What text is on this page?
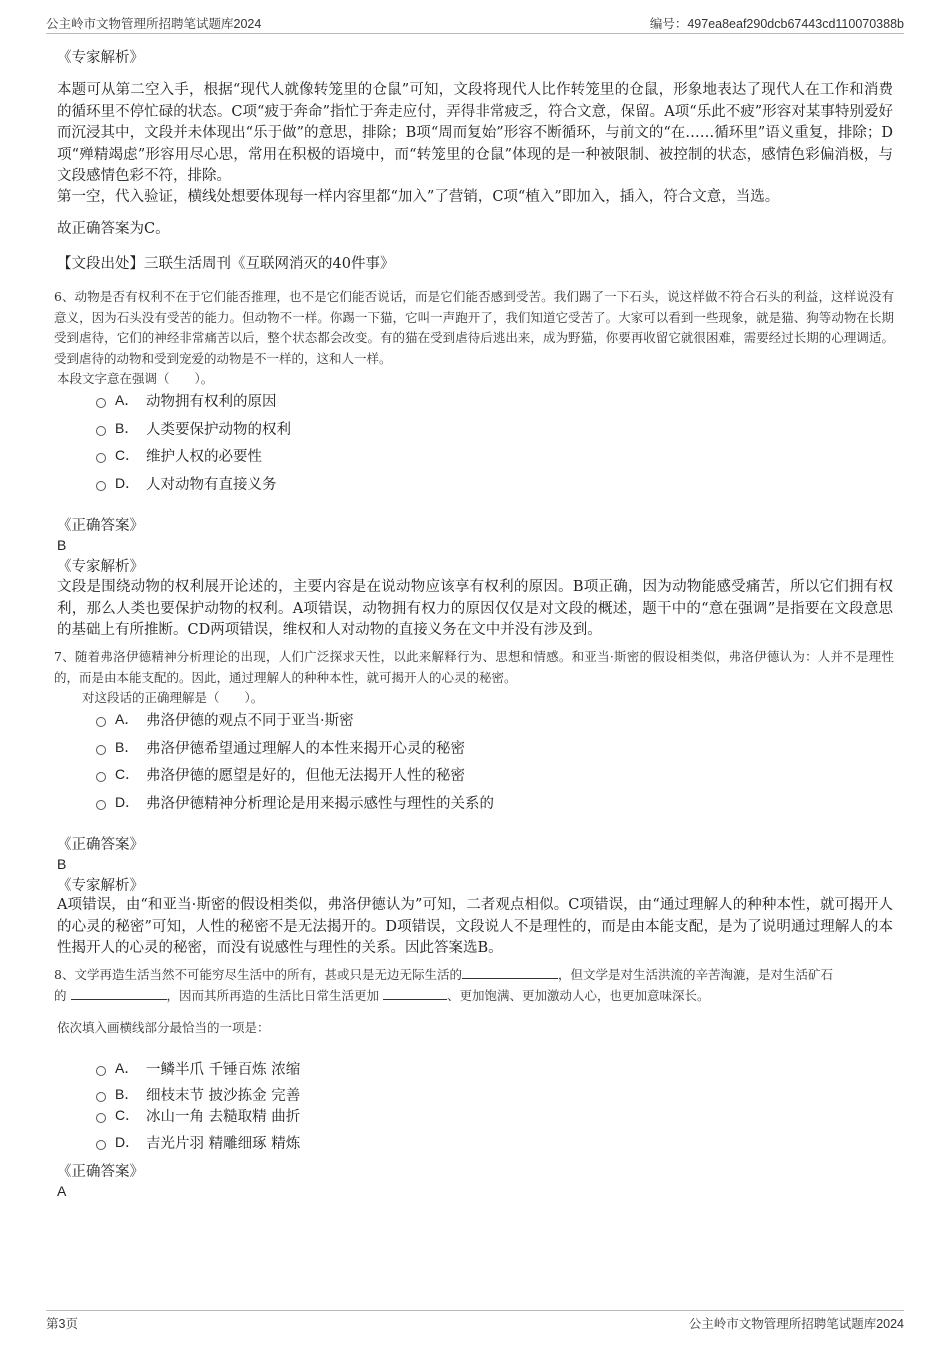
公主岭市文物管理所招聘笔试题库2024	编号：497ea8eaf290dcb67443cd110070388b
《专家解析》
本题可从第二空入手，根据“现代人就像转笼里的仓鼠”可知，文段将现代人比作转笼里的仓鼠，形象地表达了现代人在工作和消费的循环里不停忙碌的状态。C项“疲于奔命”指忙于奔走应付，弄得非常疲乏，符合文意，保留。A项“乐此不疲”形容对某事特别爱好而沉浸其中，文段并未体现出“乐于做”的意思，排除；B项“周而复始”形容不断循环，与前文的“在……循环里”语义重复，排除；D项“殚精竭虑”形容用尽心思，常用在积极的语境中，而“转笼里的仓鼠”体现的是一种被限制、被控制的状态，感情色彩偏消极，与文段感情色彩不符，排除。
第一空，代入验证，横线处想要体现每一样内容里都“加入”了营销，C项“植入”即加入，插入，符合文意，当选。
故正确答案为C。
【文段出处】三联生活周刊《互联网消灭的40件事》
6、动物是否有权利不在于它们能否推理，也不是它们能否说话，而是它们能否感到受苦。我们踢了一下石头，说这样做不符合石头的利益，这样说没有意义，因为石头没有受苦的能力。但动物不一样。你踢一下猫，它叫一声跑开了，我们知道它受苦了。大家可以看到一些现象，就是猫、狗等动物在长期受到虐待，它们的神经非常痛苦以后，整个状态都会改变。有的猫在受到虐待后逃出来，成为野猫，你要再收留它就很困难，需要经过长期的心理调适。受到虐待的动物和受到宠爱的动物是不一样的，这和人一样。
本段文字意在强调（　　）。
A． 动物拥有权利的原因
B． 人类要保护动物的权利
C． 维护人权的必要性
D． 人对动物有直接义务
《正确答案》
B
《专家解析》
文段是围绕动物的权利展开论述的，主要内容是在说动物应该享有权利的原因。B项正确，因为动物能感受痛苦，所以它们拥有权利，那么人类也要保护动物的权利。A项错误，动物拥有权力的原因仅仅是对文段的概述，题干中的“意在强调”是指要在文段意思的基础上有所推断。CD两项错误，维权和人对动物的直接义务在文中并没有涉及到。
7、随着弗洛伊德精神分析理论的出现，人们广泛探求天性，以此来解释行为、思想和情感。和亚当·斯密的假设相类似，弗洛伊德认为：人并不是理性的，而是由本能支配的。因此，通过理解人的种种本性，就可揭开人的心灵的秘密。
对这段话的正确理解是（　　）。
A． 弗洛伊德的观点不同于亚当·斯密
B． 弗洛伊德希望通过理解人的本性来揭开心灵的秘密
C． 弗洛伊德的愿望是好的，但他无法揭开人性的秘密
D． 弗洛伊德精神分析理论是用来揭示感性与理性的关系的
《正确答案》
B
《专家解析》
A项错误，由“和亚当·斯密的假设相类似，弗洛伊德认为”可知，二者观点相似。C项错误，由“通过理解人的种种本性，就可揭开人的心灵的秘密”可知，人性的秘密不是无法揭开的。D项错误，文段说人不是理性的，而是由本能支配，是为了说明通过理解人的本性揭开人的心灵的秘密，而没有说感性与理性的关系。因此答案选B。
8、文学再造生活当然不可能穷尽生活中的所有，甚或只是无边无际生活的	，但文学是对生活洪流的辛苦淘漉，是对生活矿石
的	，因而其所再造的生活比日常生活更加	、更加饱满、更加激动人心，也更加意味深长。
依次填入画横线部分最恰当的一项是：
A． 一鳞半爪 千锤百炼 浓缩
B． 细枝末节 披沙拣金 完善
C． 冰山一角 去糙取精 曲折
D． 吉光片羽 精雕细琢 精炼
《正确答案》
A
第3页	公主岭市文物管理所招聘笔试题库2024
